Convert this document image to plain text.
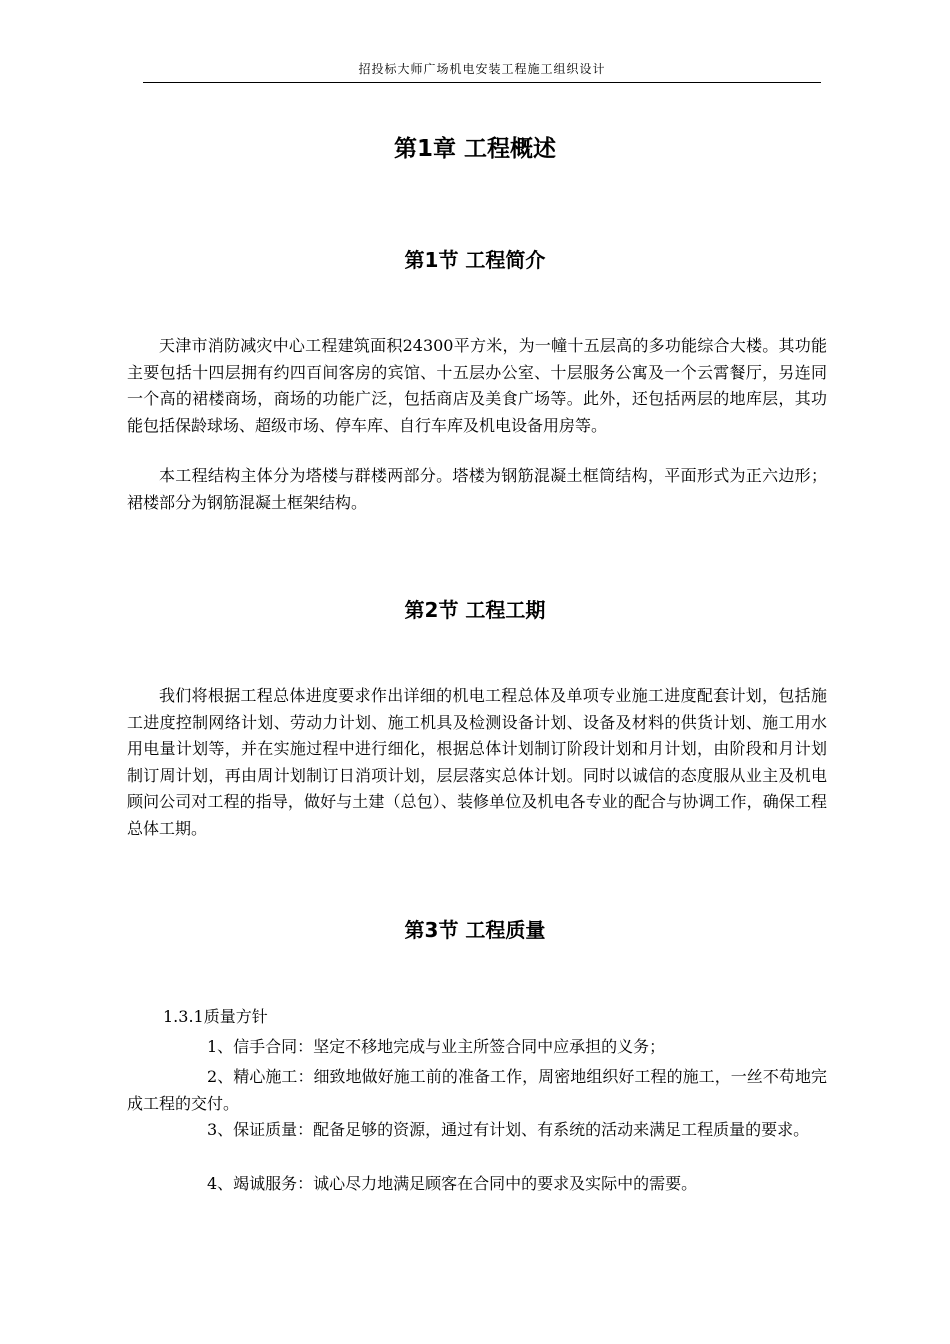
招投标大师广场机电安装工程施工组织设计
第1章 工程概述
第1节 工程简介

天津市消防减灾中心工程建筑面积24300平方米，为一幢十五层高的多功能综合大楼。其功能主要包括十四层拥有约四百间客房的宾馆、十五层办公室、十层服务公寓及一个云霄餐厅，另连同一个高的裙楼商场，商场的功能广泛，包括商店及美食广场等。此外，还包括两层的地库层，其功能包括保龄球场、超级市场、停车库、自行车库及机电设备用房等。

本工程结构主体分为塔楼与群楼两部分。塔楼为钢筋混凝土框筒结构，平面形式为正六边形；裙楼部分为钢筋混凝土框架结构。

第2节 工程工期

我们将根据工程总体进度要求作出详细的机电工程总体及单项专业施工进度配套计划，包括施工进度控制网络计划、劳动力计划、施工机具及检测设备计划、设备及材料的供货计划、施工用水用电量计划等，并在实施过程中进行细化，根据总体计划制订阶段计划和月计划，由阶段和月计划制订周计划，再由周计划制订日消项计划，层层落实总体计划。同时以诚信的态度服从业主及机电顾问公司对工程的指导，做好与土建（总包）、装修单位及机电各专业的配合与协调工作，确保工程总体工期。

第3节 工程质量
1.3.1质量方针

1、信手合同：坚定不移地完成与业主所签合同中应承担的义务；

2、精心施工：细致地做好施工前的准备工作，周密地组织好工程的施工，一丝不苟地完成工程的交付。

3、保证质量：配备足够的资源，通过有计划、有系统的活动来满足工程质量的要求。

4、竭诚服务：诚心尽力地满足顾客在合同中的要求及实际中的需要。
